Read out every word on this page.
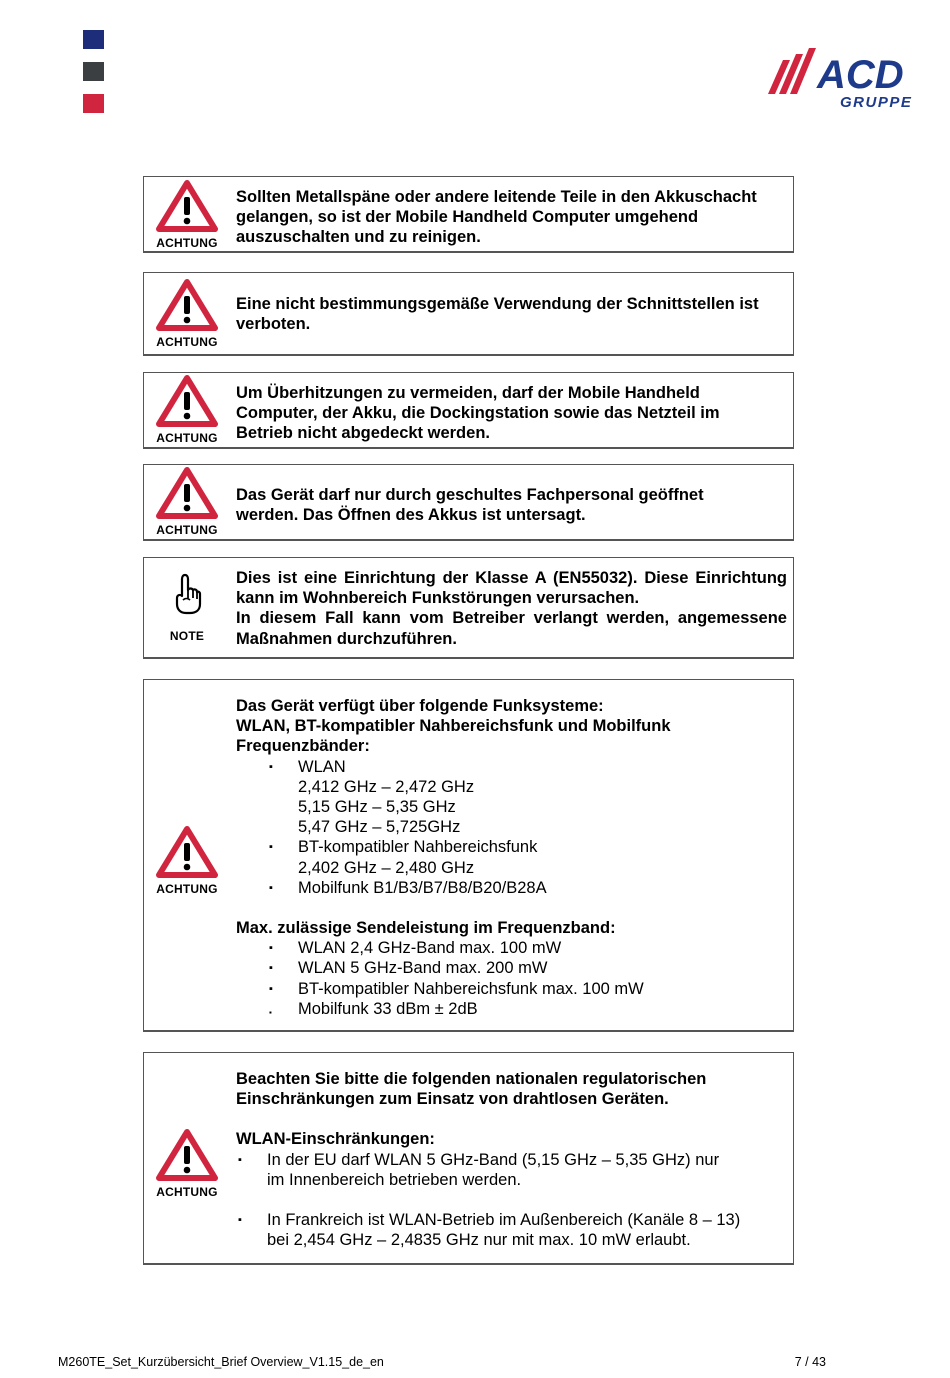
ACD
GRUPPE
ACHTUNG
Sollten Metallspäne oder andere leitende Teile in den Akkuschacht
gelangen, so ist der Mobile Handheld Computer umgehend
auszuschalten und zu reinigen.
ACHTUNG
Eine nicht bestimmungsgemäße Verwendung der Schnittstellen ist
verboten.
ACHTUNG
Um Überhitzungen zu vermeiden, darf der Mobile Handheld
Computer, der Akku, die Dockingstation sowie das Netzteil im
Betrieb nicht abgedeckt werden.
ACHTUNG
Das Gerät darf nur durch geschultes Fachpersonal geöffnet
werden. Das Öffnen des Akkus ist untersagt.
NOTE
Dies ist eine Einrichtung der Klasse A (EN55032). Diese Einrichtung kann im Wohnbereich Funkstörungen verursachen.
In diesem Fall kann vom Betreiber verlangt werden, angemessene Maßnahmen durchzuführen.
ACHTUNG
Das Gerät verfügt über folgende Funksysteme:
WLAN, BT-kompatibler Nahbereichsfunk und Mobilfunk
Frequenzbänder:
▪ WLAN
2,412 GHz – 2,472 GHz
5,15 GHz – 5,35 GHz
5,47 GHz – 5,725GHz
▪ BT-kompatibler Nahbereichsfunk
2,402 GHz – 2,480 GHz
▪ Mobilfunk B1/B3/B7/B8/B20/B28A
Max. zulässige Sendeleistung im Frequenzband:
▪ WLAN 2,4 GHz-Band max. 100 mW
▪ WLAN 5 GHz-Band max. 200 mW
▪ BT-kompatibler Nahbereichsfunk max. 100 mW
▪ Mobilfunk 33 dBm ± 2dB
ACHTUNG
Beachten Sie bitte die folgenden nationalen regulatorischen
Einschränkungen zum Einsatz von drahtlosen Geräten.
WLAN-Einschränkungen:
▪ In der EU darf WLAN 5 GHz-Band (5,15 GHz – 5,35 GHz) nur
im Innenbereich betrieben werden.
▪ In Frankreich ist WLAN-Betrieb im Außenbereich (Kanäle 8 – 13)
bei 2,454 GHz – 2,4835 GHz nur mit max. 10 mW erlaubt.
M260TE_Set_Kurzübersicht_Brief Overview_V1.15_de_en	7 / 43
